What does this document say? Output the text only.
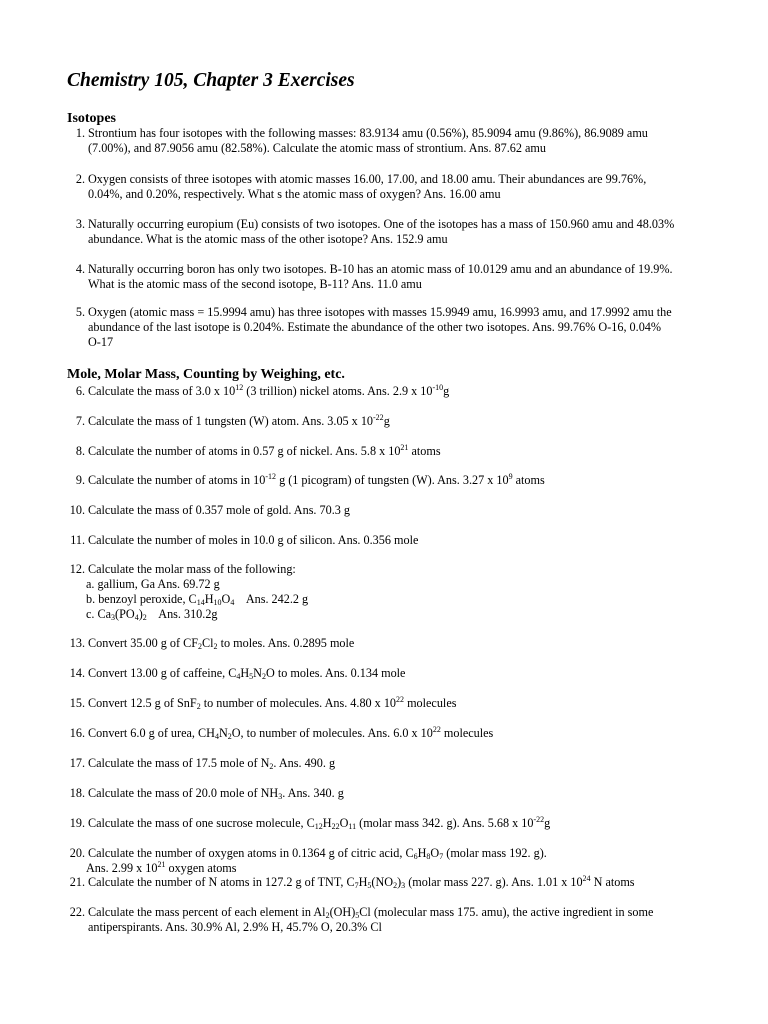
Chemistry 105, Chapter 3 Exercises
Isotopes
1. Strontium has four isotopes with the following masses: 83.9134 amu (0.56%), 85.9094 amu (9.86%), 86.9089 amu
(7.00%), and 87.9056 amu (82.58%). Calculate the atomic mass of strontium. Ans. 87.62 amu
2. Oxygen consists of three isotopes with atomic masses 16.00, 17.00, and 18.00 amu. Their abundances are 99.76%,
0.04%, and 0.20%, respectively. What s the atomic mass of oxygen? Ans. 16.00 amu
3. Naturally occurring europium (Eu) consists of two isotopes. One of the isotopes has a mass of 150.960 amu and 48.03%
abundance. What is the atomic mass of the other isotope? Ans. 152.9 amu
4. Naturally occurring boron has only two isotopes. B-10 has an atomic mass of 10.0129 amu and an abundance of 19.9%.
What is the atomic mass of the second isotope, B-11? Ans. 11.0 amu
5. Oxygen (atomic mass = 15.9994 amu) has three isotopes with masses 15.9949 amu, 16.9993 amu, and 17.9992 amu the
abundance of the last isotope is 0.204%. Estimate the abundance of the other two isotopes. Ans. 99.76% O-16, 0.04%
O-17
Mole, Molar Mass, Counting by Weighing, etc.
6. Calculate the mass of 3.0 x $10^{12}$ (3 trillion) nickel atoms. Ans. 2.9 x $10^{-10}g$
7. Calculate the mass of 1 tungsten (W) atom. Ans. 3.05 x $10^{-22}g$
8. Calculate the number of atoms in 0.57 g of nickel. Ans. 5.8 x $10^{21}$ atoms
9. Calculate the number of atoms in $10^{-12}$ g (1 picogram) of tungsten (W). Ans. 3.27 x $10^9$ atoms
10. Calculate the mass of 0.357 mole of gold. Ans. 70.3 g
11. Calculate the number of moles in 10.0 g of silicon. Ans. 0.356 mole
12. Calculate the molar mass of the following:
a. gallium, Ga Ans. 69.72 g
b. benzoyl peroxide, $C_{14}H_{10}O_4$    Ans. 242.2 g
c. $Ca_3(PO_4)_2$    Ans. 310.2g
13. Convert 35.00 g of $CF_2Cl_2$ to moles. Ans. 0.2895 mole
14. Convert 13.00 g of caffeine, $C_4H_5N_2O$ to moles. Ans. 0.134 mole
15. Convert 12.5 g of SnF$_2$ to number of molecules. Ans. 4.80 x $10^{22}$ molecules
16. Convert 6.0 g of urea, $CH_4N_2O$, to number of molecules. Ans. 6.0 x $10^{22}$ molecules
17. Calculate the mass of 17.5 mole of $N_2$. Ans. 490. g
18. Calculate the mass of 20.0 mole of $NH_3$. Ans. 340. g
19. Calculate the mass of one sucrose molecule, $C_{12}H_{22}O_{11}$ (molar mass 342. g). Ans. 5.68 x $10^{-22}g$
20. Calculate the number of oxygen atoms in 0.1364 g of citric acid, $C_6H_8O_7$ (molar mass 192. g).
Ans. 2.99 x $10^{21}$ oxygen atoms
21. Calculate the number of N atoms in 127.2 g of TNT, $C_7H_5(NO_2)_3$ (molar mass 227. g). Ans. 1.01 x $10^{24}$ N atoms
22. Calculate the mass percent of each element in $Al_2(OH)_5Cl$ (molecular mass 175. amu), the active ingredient in some
antiperspirants. Ans. 30.9% Al, 2.9% H, 45.7% O, 20.3% Cl
